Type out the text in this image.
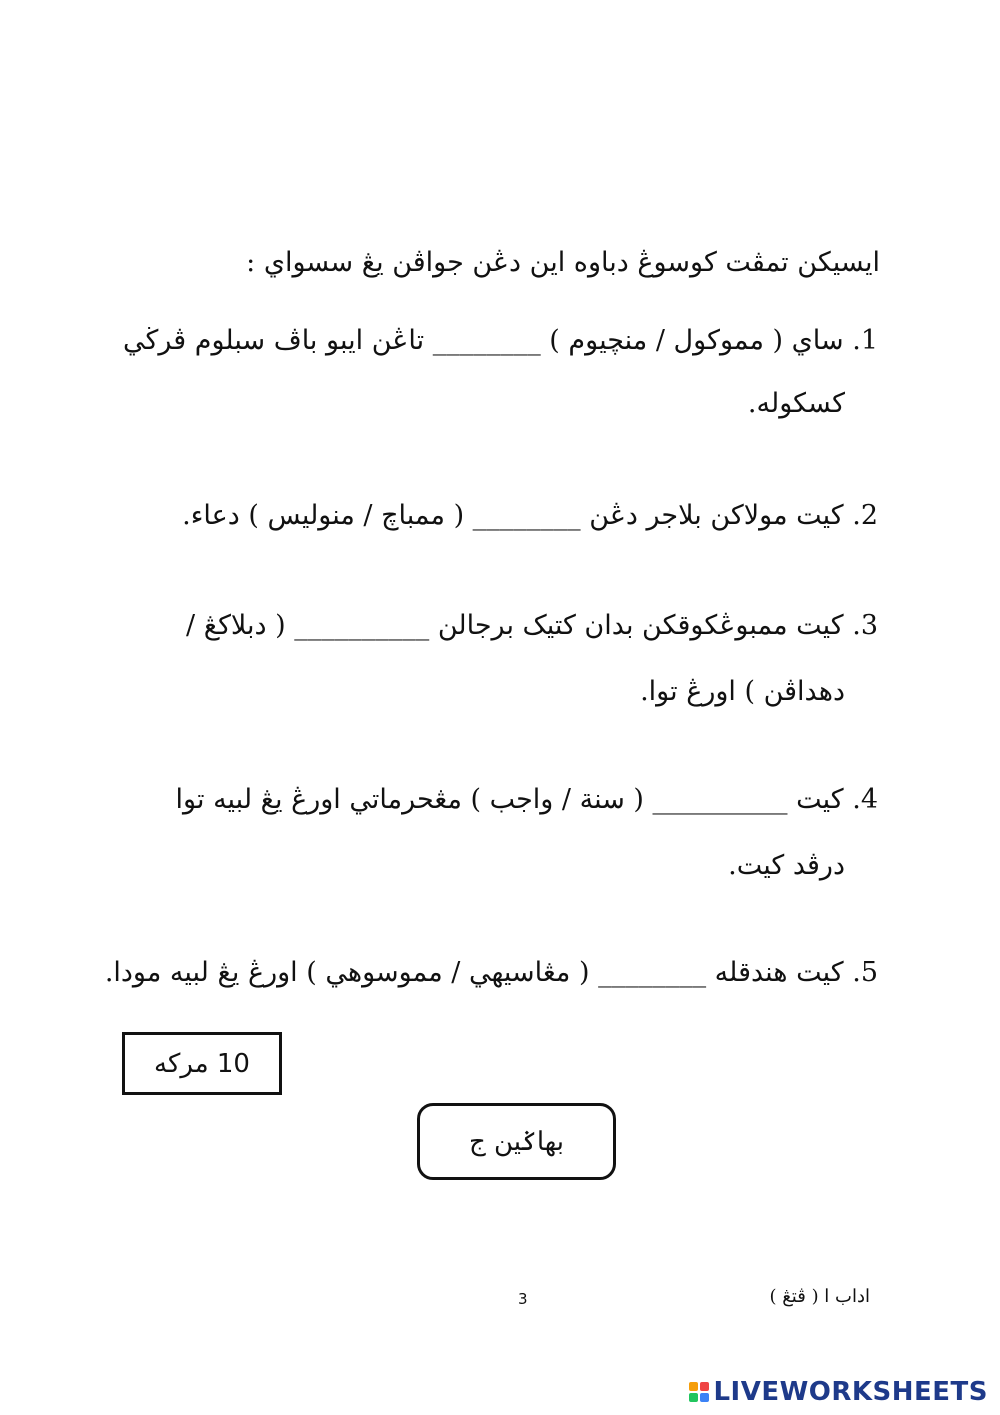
ايسيکن تمڤت کوسوڠ دباوه اين دڠن جواڤن يڠ سسواي :

1. ساي ( مموکول / منچيوم ) ________ تاڠن ايبو باڤ سبلوم ڤرڬي

کسکوله.

2. کيت مولاکن بلاجر دڠن ________ ( ممباچ / منوليس ) دعاء.

3. کيت ممبوڠکوقکن بدان کتيک برجالن __________ ( دبلاکڠ /

دهداڤن ) اورڠ توا.

4. کيت __________ ( سنة / واجب ) مڠحرماتي اورڠ يڠ لبيه توا

درڤد کيت.

5. کيت هندقله ________ ( مڠاسيهي / مموسوهي ) اورڠ يڠ لبيه مودا.

10 مرکه
بهاݢين ج
3	اداب ا ( ڤتڠ )
LIVEWORKSHEETS
